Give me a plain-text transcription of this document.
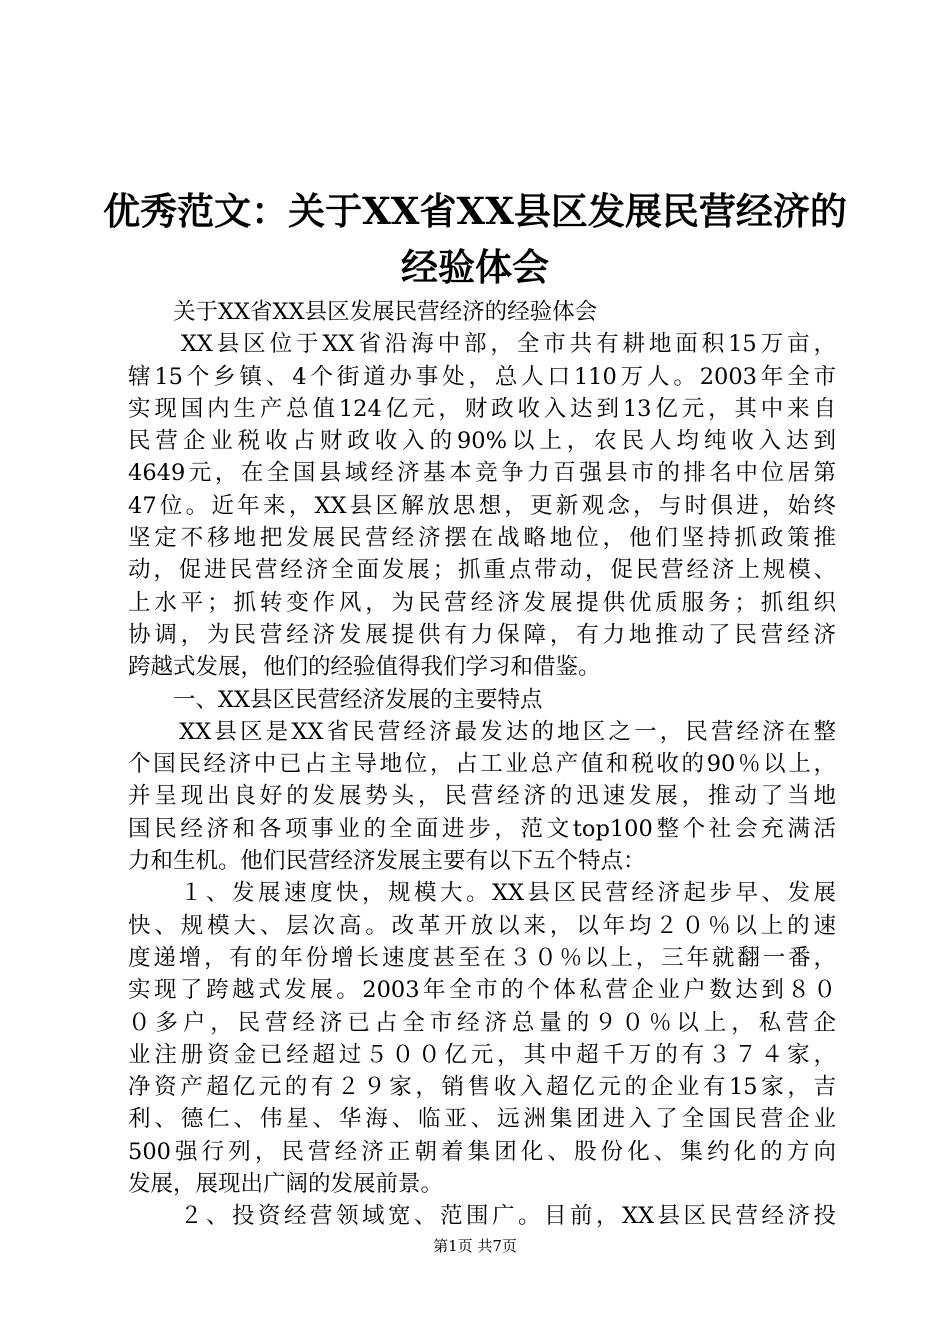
优秀范文：关于XX省XX县区发展民营经济的
经验体会
　　关于XX省XX县区发展民营经济的经验体会
　　XX县区位于XX省沿海中部，全市共有耕地面积15万亩，
辖15个乡镇、4个街道办事处，总人口110万人。2003年全市
实现国内生产总值124亿元，财政收入达到13亿元，其中来自
民营企业税收占财政收入的90%以上，农民人均纯收入达到
4649元，在全国县域经济基本竞争力百强县市的排名中位居第
47位。近年来，XX县区解放思想，更新观念，与时俱进，始终
坚定不移地把发展民营经济摆在战略地位，他们坚持抓政策推
动，促进民营经济全面发展；抓重点带动，促民营经济上规模、
上水平；抓转变作风，为民营经济发展提供优质服务；抓组织
协调，为民营经济发展提供有力保障，有力地推动了民营经济
跨越式发展，他们的经验值得我们学习和借鉴。
　　一、XX县区民营经济发展的主要特点
　　XX县区是XX省民营经济最发达的地区之一，民营经济在整
个国民经济中已占主导地位，占工业总产值和税收的90％以上，
并呈现出良好的发展势头，民营经济的迅速发展，推动了当地
国民经济和各项事业的全面进步，范文top100整个社会充满活
力和生机。他们民营经济发展主要有以下五个特点：
　　１、发展速度快，规模大。XX县区民营经济起步早、发展
快、规模大、层次高。改革开放以来，以年均２０％以上的速
度递增，有的年份增长速度甚至在３０％以上，三年就翻一番，
实现了跨越式发展。2003年全市的个体私营企业户数达到８０
０多户，民营经济已占全市经济总量的９０％以上，私营企
业注册资金已经超过５００亿元，其中超千万的有３７４家，
净资产超亿元的有２９家，销售收入超亿元的企业有15家，吉
利、德仁、伟星、华海、临亚、远洲集团进入了全国民营企业
500强行列，民营经济正朝着集团化、股份化、集约化的方向
发展，展现出广阔的发展前景。
　　２、投资经营领域宽、范围广。目前，XX县区民营经济投
第1页 共7页
